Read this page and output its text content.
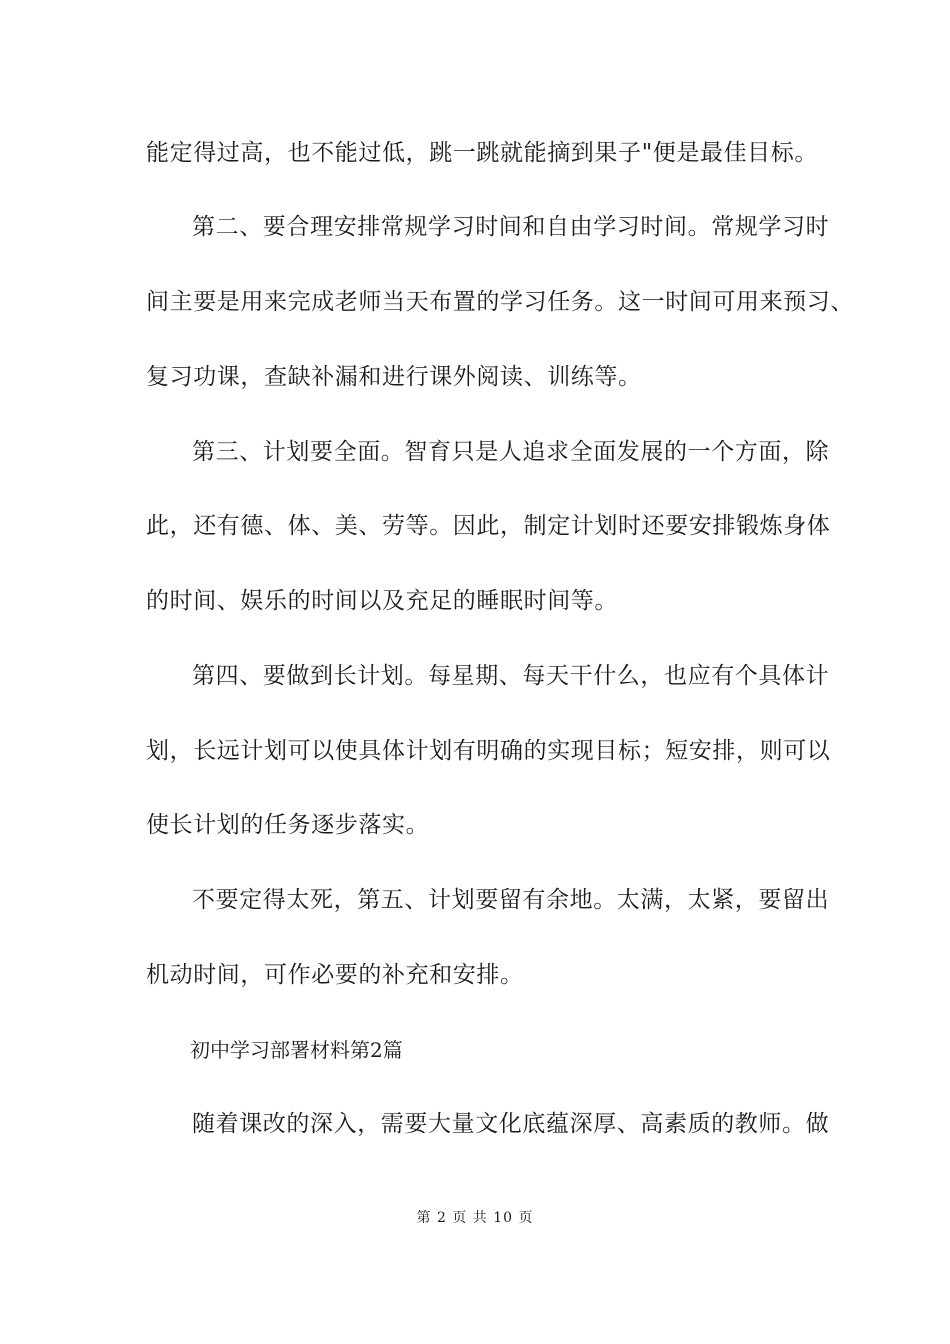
能定得过高，也不能过低，跳一跳就能摘到果子"便是最佳目标。
第二、要合理安排常规学习时间和自由学习时间。常规学习时
间主要是用来完成老师当天布置的学习任务。这一时间可用来预习、
复习功课，查缺补漏和进行课外阅读、训练等。
第三、计划要全面。智育只是人追求全面发展的一个方面，除
此，还有德、体、美、劳等。因此，制定计划时还要安排锻炼身体
的时间、娱乐的时间以及充足的睡眠时间等。
第四、要做到长计划。每星期、每天干什么，也应有个具体计
划，长远计划可以使具体计划有明确的实现目标；短安排，则可以
使长计划的任务逐步落实。
不要定得太死，第五、计划要留有余地。太满，太紧，要留出
机动时间，可作必要的补充和安排。
初中学习部署材料第2篇
随着课改的深入，需要大量文化底蕴深厚、高素质的教师。做
第 2 页 共 10 页
